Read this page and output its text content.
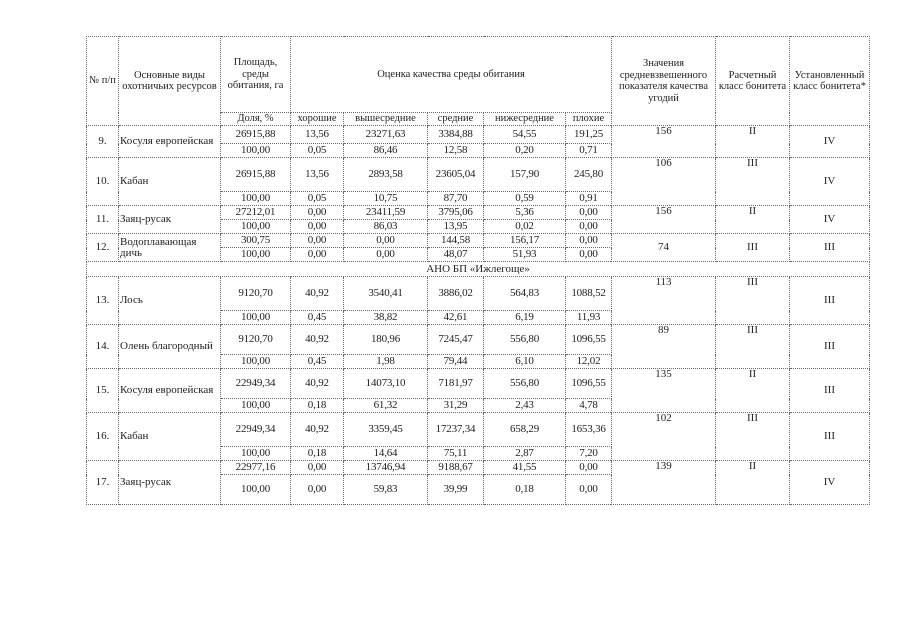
№ п/п	Основные виды охотничьих ресурсов	Площадь, среды обитания, га	Оценка качества среды обитания					Значения средневзвешенного показателя качества угодий	Расчетный класс бонитета	Установленный класс бонитета*
		Доля, %	хорошие	вышесредние	средние	нижесредние	плохие			
9.	Косуля европейская	26915,88	13,56	23271,63	3384,88	54,55	191,25	156	II	IV
		100,00	0,05	86,46	12,58	0,20	0,71			
10.	Кабан	26915,88	13,56	2893,58	23605,04	157,90	245,80	106	III	IV
		100,00	0,05	10,75	87,70	0,59	0,91			
11.	Заяц-русак	27212,01	0,00	23411,59	3795,06	5,36	0,00	156	II	IV
		100,00	0,00	86,03	13,95	0,02	0,00			
12.	Водоплавающая дичь	300,75	0,00	0,00	144,58	156,17	0,00	74	III	III
		100,00	0,00	0,00	48,07	51,93	0,00			
АНО БП «Ижлегоще»										
13.	Лось	9120,70	40,92	3540,41	3886,02	564,83	1088,52	113	III	III
		100,00	0,45	38,82	42,61	6,19	11,93			
14.	Олень благородный	9120,70	40,92	180,96	7245,47	556,80	1096,55	89	III	III
		100,00	0,45	1,98	79,44	6,10	12,02			
15.	Косуля европейская	22949,34	40,92	14073,10	7181,97	556,80	1096,55	135	II	III
		100,00	0,18	61,32	31,29	2,43	4,78			
16.	Кабан	22949,34	40,92	3359,45	17237,34	658,29	1653,36	102	III	III
		100,00	0,18	14,64	75,11	2,87	7,20			
17.	Заяц-русак	22977,16	0,00	13746,94	9188,67	41,55	0,00	139	II	IV
		100,00	0,00	59,83	39,99	0,18	0,00			
